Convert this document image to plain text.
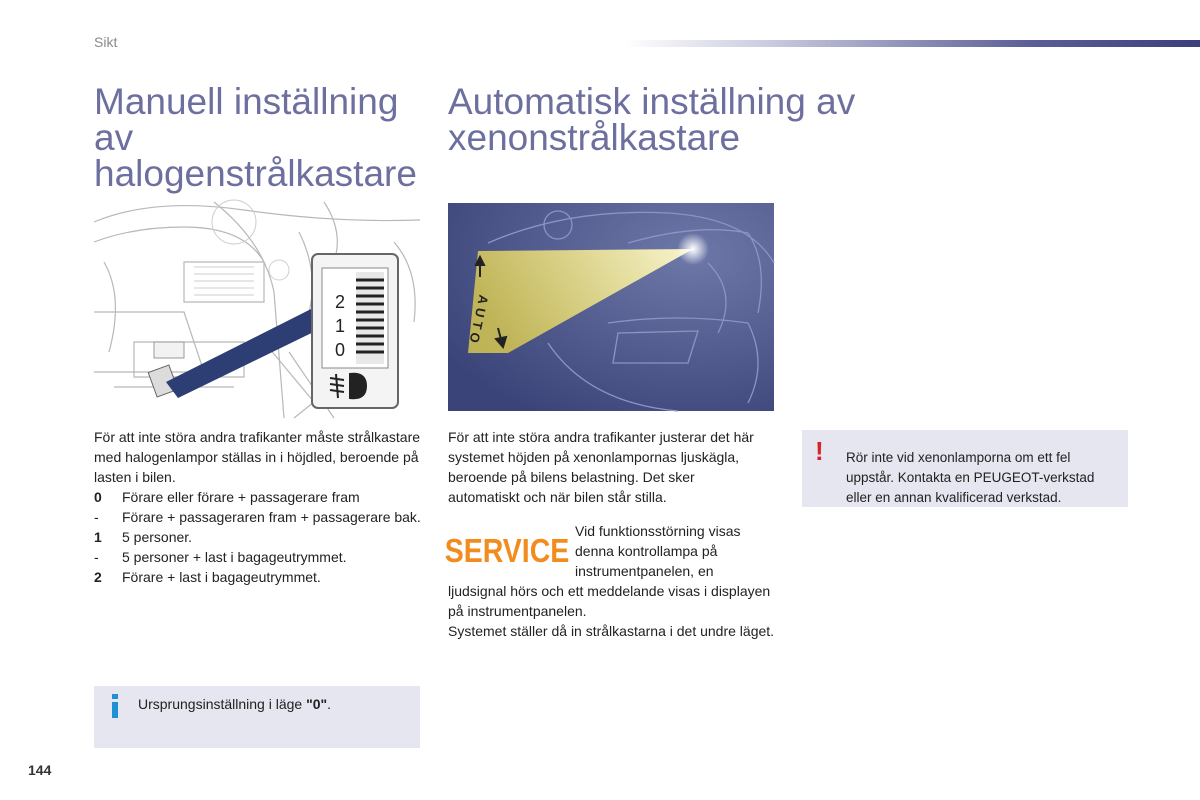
Sikt
Manuell inställning av halogenstrålkastare
2
1
0

För att inte störa andra trafikanter måste strålkastare med halogenlampor ställas in i höjdled, beroende på lasten i bilen.

0	Förare eller förare + passagerare fram
-	Förare + passageraren fram + passagerare bak.
1	5 personer.
-	5 personer + last i bagageutrymmet.
2	Förare + last i bagageutrymmet.
Ursprungsinställning i läge "0".
Automatisk inställning av xenonstrålkastare
AUTO

För att inte störa andra trafikanter justerar det här systemet höjden på xenonlampornas ljuskägla, beroende på bilens belastning. Det sker automatiskt och när bilen står stilla.

SERVICE

Vid funktionsstörning visas denna kontrollampa på instrumentpanelen, en

ljudsignal hörs och ett meddelande visas i displayen på instrumentpanelen.

Systemet ställer då in strålkastarna i det undre läget.

! Rör inte vid xenonlamporna om ett fel uppstår. Kontakta en PEUGEOT-verkstad eller en annan kvalificerad verkstad.

144
